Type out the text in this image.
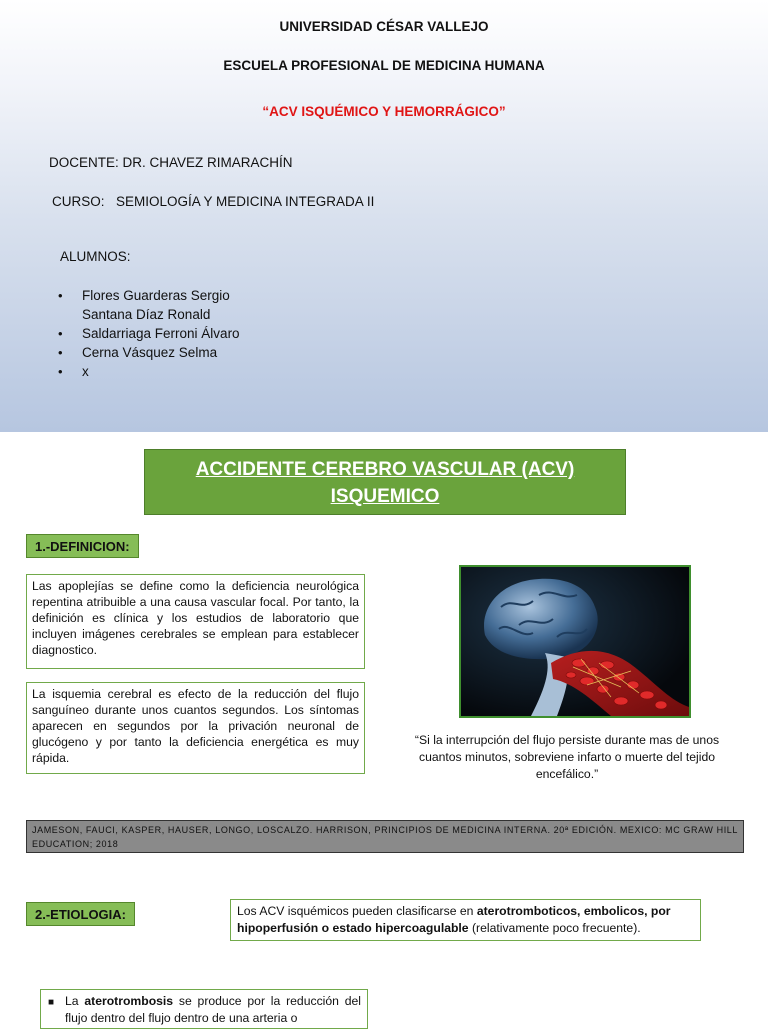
UNIVERSIDAD CÉSAR VALLEJO
ESCUELA PROFESIONAL DE MEDICINA HUMANA
“ACV ISQUÉMICO Y HEMORRÁGICO”
DOCENTE: DR. CHAVEZ RIMARACHÍN
CURSO: SEMIOLOGÍA Y MEDICINA INTEGRADA II
ALUMNOS:
• Flores Guarderas Sergio
Santana Díaz Ronald
• Saldarriaga Ferroni Álvaro
• Cerna Vásquez Selma
• x
ACCIDENTE CEREBRO VASCULAR (ACV)
ISQUEMICO
1.-DEFINICION:
Las apoplejías se define como la deficiencia neurológica repentina atribuible a una causa vascular focal. Por tanto, la definición es clínica y los estudios de laboratorio que incluyen imágenes cerebrales se emplean para establecer diagnostico.
La isquemia cerebral es efecto de la reducción del flujo sanguíneo durante unos cuantos segundos. Los síntomas aparecen en segundos por la privación neuronal de glucógeno y por tanto la deficiencia energética es muy rápida.
“Si la interrupción del flujo persiste durante mas de unos cuantos minutos, sobreviene infarto o muerte del tejido encefálico.”
JAMESON, FAUCI, KASPER, HAUSER, LONGO, LOSCALZO. HARRISON, PRINCIPIOS DE MEDICINA INTERNA. 20ª EDICIÓN. MEXICO: MC GRAW HILL EDUCATION; 2018
2.-ETIOLOGIA:	Los ACV isquémicos pueden clasificarse en aterotromboticos, embolicos, por hipoperfusión o estado hipercoagulable (relativamente poco frecuente).
■ La aterotrombosis se produce por la reducción del flujo dentro del flujo dentro de una arteria o
